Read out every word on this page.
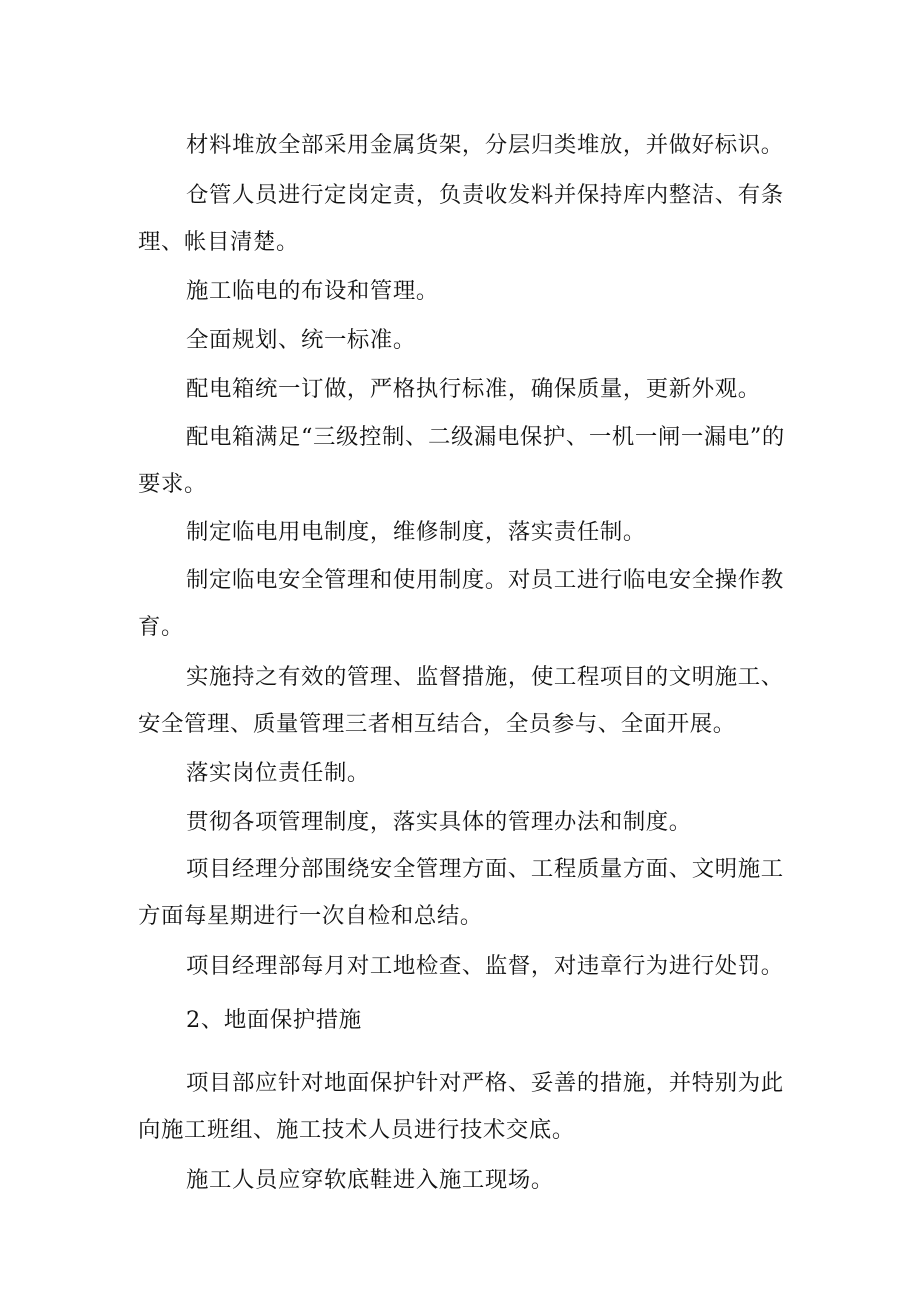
材料堆放全部采用金属货架，分层归类堆放，并做好标识。

仓管人员进行定岗定责，负责收发料并保持库内整洁、有条理、帐目清楚。

施工临电的布设和管理。

全面规划、统一标准。

配电箱统一订做，严格执行标准，确保质量，更新外观。

配电箱满足“三级控制、二级漏电保护、一机一闸一漏电”的要求。

制定临电用电制度，维修制度，落实责任制。

制定临电安全管理和使用制度。对员工进行临电安全操作教育。

实施持之有效的管理、监督措施，使工程项目的文明施工、安全管理、质量管理三者相互结合，全员参与、全面开展。

落实岗位责任制。

贯彻各项管理制度，落实具体的管理办法和制度。

项目经理分部围绕安全管理方面、工程质量方面、文明施工方面每星期进行一次自检和总结。

项目经理部每月对工地检查、监督，对违章行为进行处罚。

2、地面保护措施

项目部应针对地面保护针对严格、妥善的措施，并特别为此向施工班组、施工技术人员进行技术交底。

施工人员应穿软底鞋进入施工现场。
